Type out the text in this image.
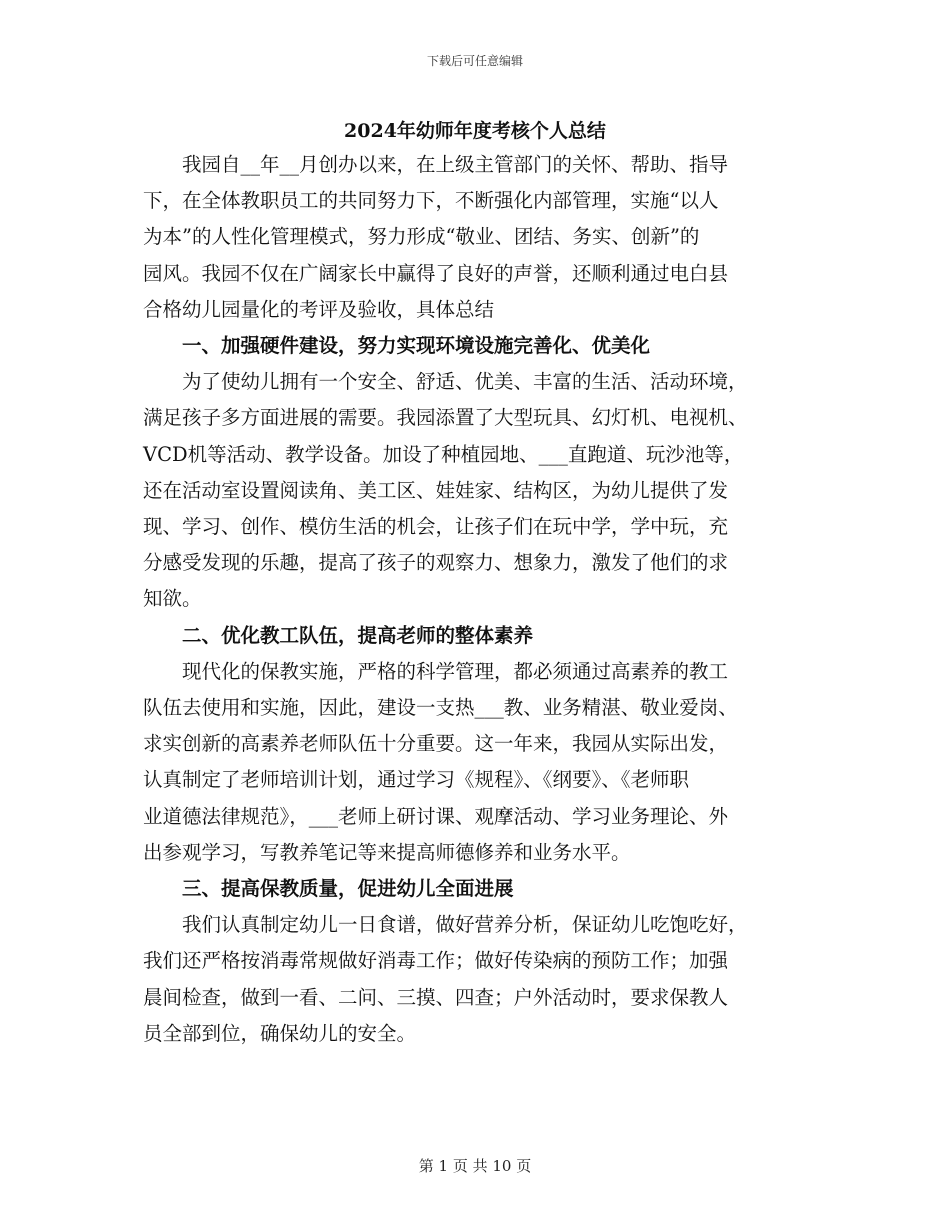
下载后可任意编辑
2024年幼师年度考核个人总结

我园自__年__月创办以来，在上级主管部门的关怀、帮助、指导
下，在全体教职员工的共同努力下，不断强化内部管理，实施“以人
为本”的人性化管理模式，努力形成“敬业、团结、务实、创新”的
园风。我园不仅在广阔家长中赢得了良好的声誉，还顺利通过电白县
合格幼儿园量化的考评及验收，具体总结

一、加强硬件建设，努力实现环境设施完善化、优美化

为了使幼儿拥有一个安全、舒适、优美、丰富的生活、活动环境，
满足孩子多方面进展的需要。我园添置了大型玩具、幻灯机、电视机、
VCD机等活动、教学设备。加设了种植园地、___直跑道、玩沙池等，
还在活动室设置阅读角、美工区、娃娃家、结构区，为幼儿提供了发
现、学习、创作、模仿生活的机会，让孩子们在玩中学，学中玩，充
分感受发现的乐趣，提高了孩子的观察力、想象力，激发了他们的求
知欲。

二、优化教工队伍，提高老师的整体素养

现代化的保教实施，严格的科学管理，都必须通过高素养的教工
队伍去使用和实施，因此，建设一支热___教、业务精湛、敬业爱岗、
求实创新的高素养老师队伍十分重要。这一年来，我园从实际出发，
认真制定了老师培训计划，通过学习《规程》、《纲要》、《老师职
业道德法律规范》，___老师上研讨课、观摩活动、学习业务理论、外
出参观学习，写教养笔记等来提高师德修养和业务水平。

三、提高保教质量，促进幼儿全面进展

我们认真制定幼儿一日食谱，做好营养分析，保证幼儿吃饱吃好，
我们还严格按消毒常规做好消毒工作；做好传染病的预防工作；加强
晨间检查，做到一看、二问、三摸、四查；户外活动时，要求保教人
员全部到位，确保幼儿的安全。

第 1 页 共 10 页
